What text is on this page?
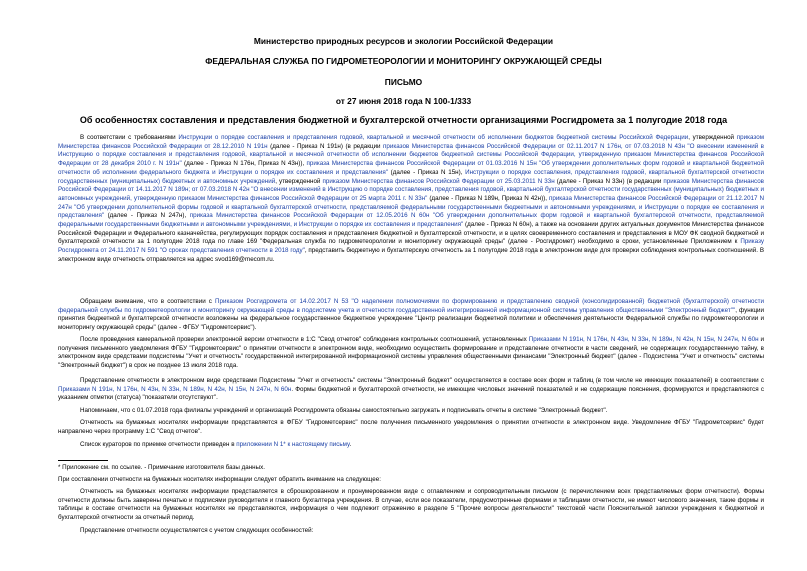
Министерство природных ресурсов и экологии Российской Федерации
ФЕДЕРАЛЬНАЯ СЛУЖБА ПО ГИДРОМЕТЕОРОЛОГИИ И МОНИТОРИНГУ ОКРУЖАЮЩЕЙ СРЕДЫ
ПИСЬМО
от 27 июня 2018 года N 100-1/333
Об особенностях составления и представления бюджетной и бухгалтерской отчетности организациями Росгидромета за 1 полугодие 2018 года
В соответствии с требованиями Инструкции о порядке составления и представления годовой, квартальной и месячной отчетности об исполнении бюджетов бюджетной системы Российской Федерации, утвержденной приказом Министерства финансов Российской Федерации от 28.12.2010 N 191н (далее - Приказ N 191н) (в редакции приказов Министерства финансов Российской Федерации от 02.11.2017 N 176н, от 07.03.2018 N 43н "О внесении изменений в Инструкцию о порядке составления и представления годовой, квартальной и месячной отчетности об исполнении бюджетов бюджетной системы Российской Федерации, утвержденную приказом Министерства финансов Российской Федерации от 28 декабря 2010 г. N 191н" (далее - Приказ N 176н, Приказ N 43н)), приказа Министерства финансов Российской Федерации от 01.03.2016 N 15н "Об утверждении дополнительных форм годовой и квартальной бюджетной отчетности об исполнении федерального бюджета и Инструкции о порядке их составления и представления" (далее - Приказ N 15н), Инструкции о порядке составления, представления годовой, квартальной бухгалтерской отчетности государственных (муниципальных) бюджетных и автономных учреждений, утвержденной приказом Министерства финансов Российской Федерации от 25.03.2011 N 33н (далее - Приказ N 33н) (в редакции приказов Министерства финансов Российской Федерации от 14.11.2017 N 189н; от 07.03.2018 N 42н "О внесении изменений в Инструкцию о порядке составления, представления годовой, квартальной бухгалтерской отчетности государственных (муниципальных) бюджетных и автономных учреждений, утвержденную приказом Министерства финансов Российской Федерации от 25 марта 2011 г. N 33н" (далее - Приказ N 189н, Приказ N 42н)), приказа Министерства финансов Российской Федерации от 21.12.2017 N 247н "Об утверждении дополнительной формы годовой и квартальной бухгалтерской отчетности, представляемой федеральными государственными бюджетными и автономными учреждениями, и Инструкции о порядке ее составления и представления" (далее - Приказ N 247н), приказа Министерства финансов Российской Федерации от 12.05.2016 N 60н "Об утверждении дополнительных форм годовой и квартальной бухгалтерской отчетности, представляемой федеральными государственными бюджетными и автономными учреждениями, и Инструкции о порядке их составления и представления" (далее - Приказ N 60н), а также на основании других актуальных документов Министерства финансов Российской Федерации и Федерального казначейства, регулирующих порядок составления и представления бюджетной и бухгалтерской отчетности, и в целях своевременного составления и представления в МОУ ФК сводной бюджетной и бухгалтерской отчетности за 1 полугодие 2018 года по главе 169 "Федеральная служба по гидрометеорологии и мониторингу окружающей среды" (далее - Росгидромет) необходимо в сроки, установленные Приложением к Приказу Росгидромета от 24.11.2017 N 591 "О сроках представления отчетности в 2018 году", представить бюджетную и бухгалтерскую отчетность за 1 полугодие 2018 года в электронном виде для проверки соблюдения контрольных соотношений. В электронном виде отчетность отправляется на адрес svod169@mecom.ru.
Обращаем внимание, что в соответствии с Приказом Росгидромета от 14.02.2017 N 53 "О наделении полномочиями по формированию и представлению сводной (консолидированной) бюджетной (бухгалтерской) отчетности федеральной службы по гидрометеорологии и мониторингу окружающей среды в подсистеме учета и отчетности государственной интегрированной информационной системы управления общественными "Электронный бюджет"", функции принятия бюджетной и бухгалтерской отчетности возложены на федеральное государственное бюджетное учреждение "Центр реализации бюджетной политики и обеспечения деятельности Федеральной службы по гидрометеорологии и мониторингу окружающей среды" (далее - ФГБУ "Гидрометсервис").
После проведения камеральной проверки электронной версии отчетности в 1:С "Свод отчетов" соблюдения контрольных соотношений, установленных Приказами N 191н, N 176н, N 43н, N 33н, N 189н, N 42н, N 15н, N 247н, N 60н и получения письменного уведомления ФГБУ "Гидрометсервис" о принятии отчетности в электронном виде, необходимо осуществить формирование и представление отчетности в части сведений, не содержащих государственную тайну, в электронном виде средствами подсистемы "Учет и отчетность" государственной интегрированной информационной системы управления общественными финансами "Электронный бюджет" (далее - Подсистема "Учет и отчетность" системы "Электронный бюджет") в срок не позднее 13 июля 2018 года.
Представление отчетности в электронном виде средствами Подсистемы "Учет и отчетность" системы "Электронный бюджет" осуществляется в составе всех форм и таблиц (в том числе не имеющих показателей) в соответствии с Приказами N 191н, N 176н, N 43н, N 33н, N 189н, N 42н, N 15н, N 247н, N 60н. Формы бюджетной и бухгалтерской отчетности, не имеющие числовых значений показателей и не содержащие пояснения, формируются и представляются с указанием отметки (статуса) "показатели отсутствуют".
Напоминаем, что с 01.07.2018 года филиалы учреждений и организаций Росгидромета обязаны самостоятельно загружать и подписывать отчеты в системе "Электронный бюджет".
Отчетность на бумажных носителях информации представляется в ФГБУ "Гидрометсервис" после получения письменного уведомления о принятии отчетности в электронном виде. Уведомление ФГБУ "Гидрометсервис" будет направлено через программу 1:С "Свод отчетов".
Список кураторов по приемке отчетности приведен в приложении N 1* к настоящему письму.
* Приложение см. по ссылке. - Примечание изготовителя базы данных.
При составлении отчетности на бумажных носителях информации следует обратить внимание на следующее:
Отчетность на бумажных носителях информации представляется в сброшюрованном и пронумерованном виде с оглавлением и сопроводительным письмом (с перечислением всех представляемых форм отчетности). Формы отчетности должны быть заверены печатью и подписями руководителя и главного бухгалтера учреждения. В случае, если все показатели, предусмотренные формами и таблицами отчетности, не имеют числового значения, такие формы и таблицы в составе отчетности на бумажных носителях не представляются, информация о чем подлежит отражению в разделе 5 "Прочие вопросы деятельности" текстовой части Пояснительной записки учреждения к бюджетной и бухгалтерской отчетности за отчетный период.
Представление отчетности осуществляется с учетом следующих особенностей:
